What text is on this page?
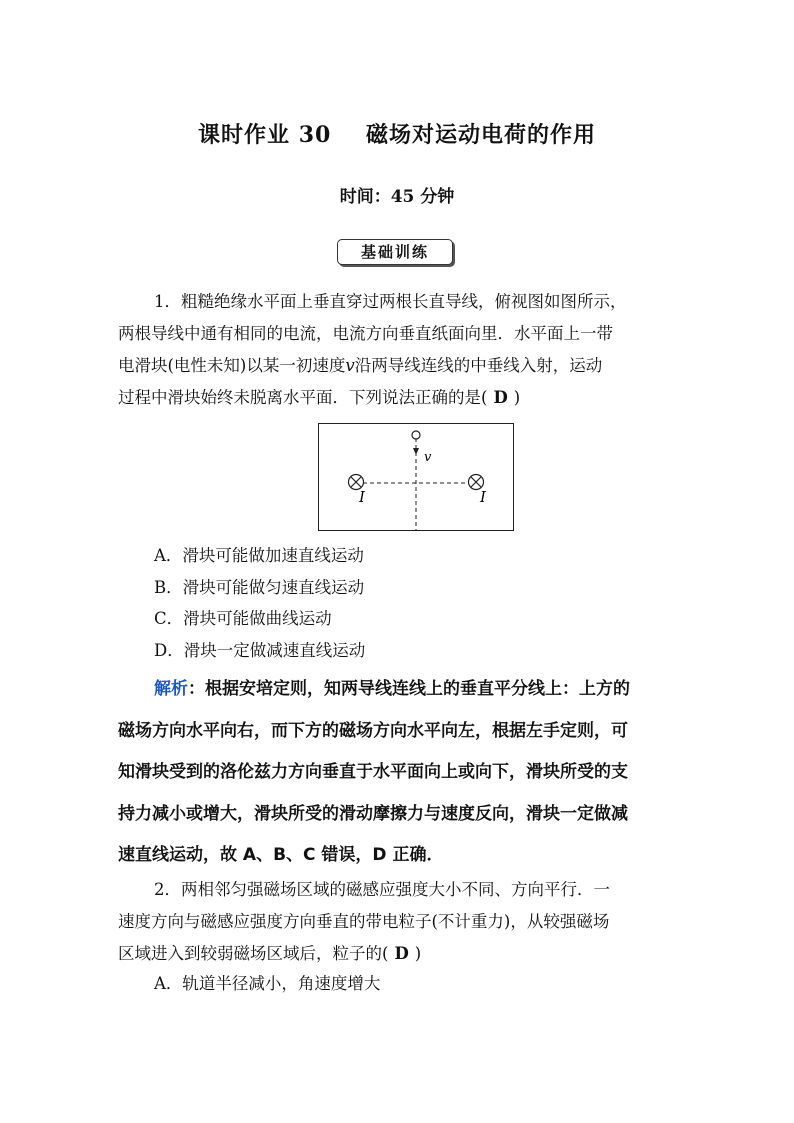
课时作业 30    磁场对运动电荷的作用
时间：45 分钟
基础训练
1．粗糙绝缘水平面上垂直穿过两根长直导线，俯视图如图所示，
两根导线中通有相同的电流，电流方向垂直纸面向里．水平面上一带
电滑块(电性未知)以某一初速度v沿两导线连线的中垂线入射，运动
过程中滑块始终未脱离水平面．下列说法正确的是( D )
v
I	I
A．滑块可能做加速直线运动
B．滑块可能做匀速直线运动
C．滑块可能做曲线运动
D．滑块一定做减速直线运动
解析：根据安培定则，知两导线连线上的垂直平分线上：上方的
磁场方向水平向右，而下方的磁场方向水平向左，根据左手定则，可
知滑块受到的洛伦兹力方向垂直于水平面向上或向下，滑块所受的支
持力减小或增大，滑块所受的滑动摩擦力与速度反向，滑块一定做减
速直线运动，故 A、B、C 错误，D 正确．
2．两相邻匀强磁场区域的磁感应强度大小不同、方向平行．一
速度方向与磁感应强度方向垂直的带电粒子(不计重力)，从较强磁场
区域进入到较弱磁场区域后，粒子的( D )
A．轨道半径减小，角速度增大
